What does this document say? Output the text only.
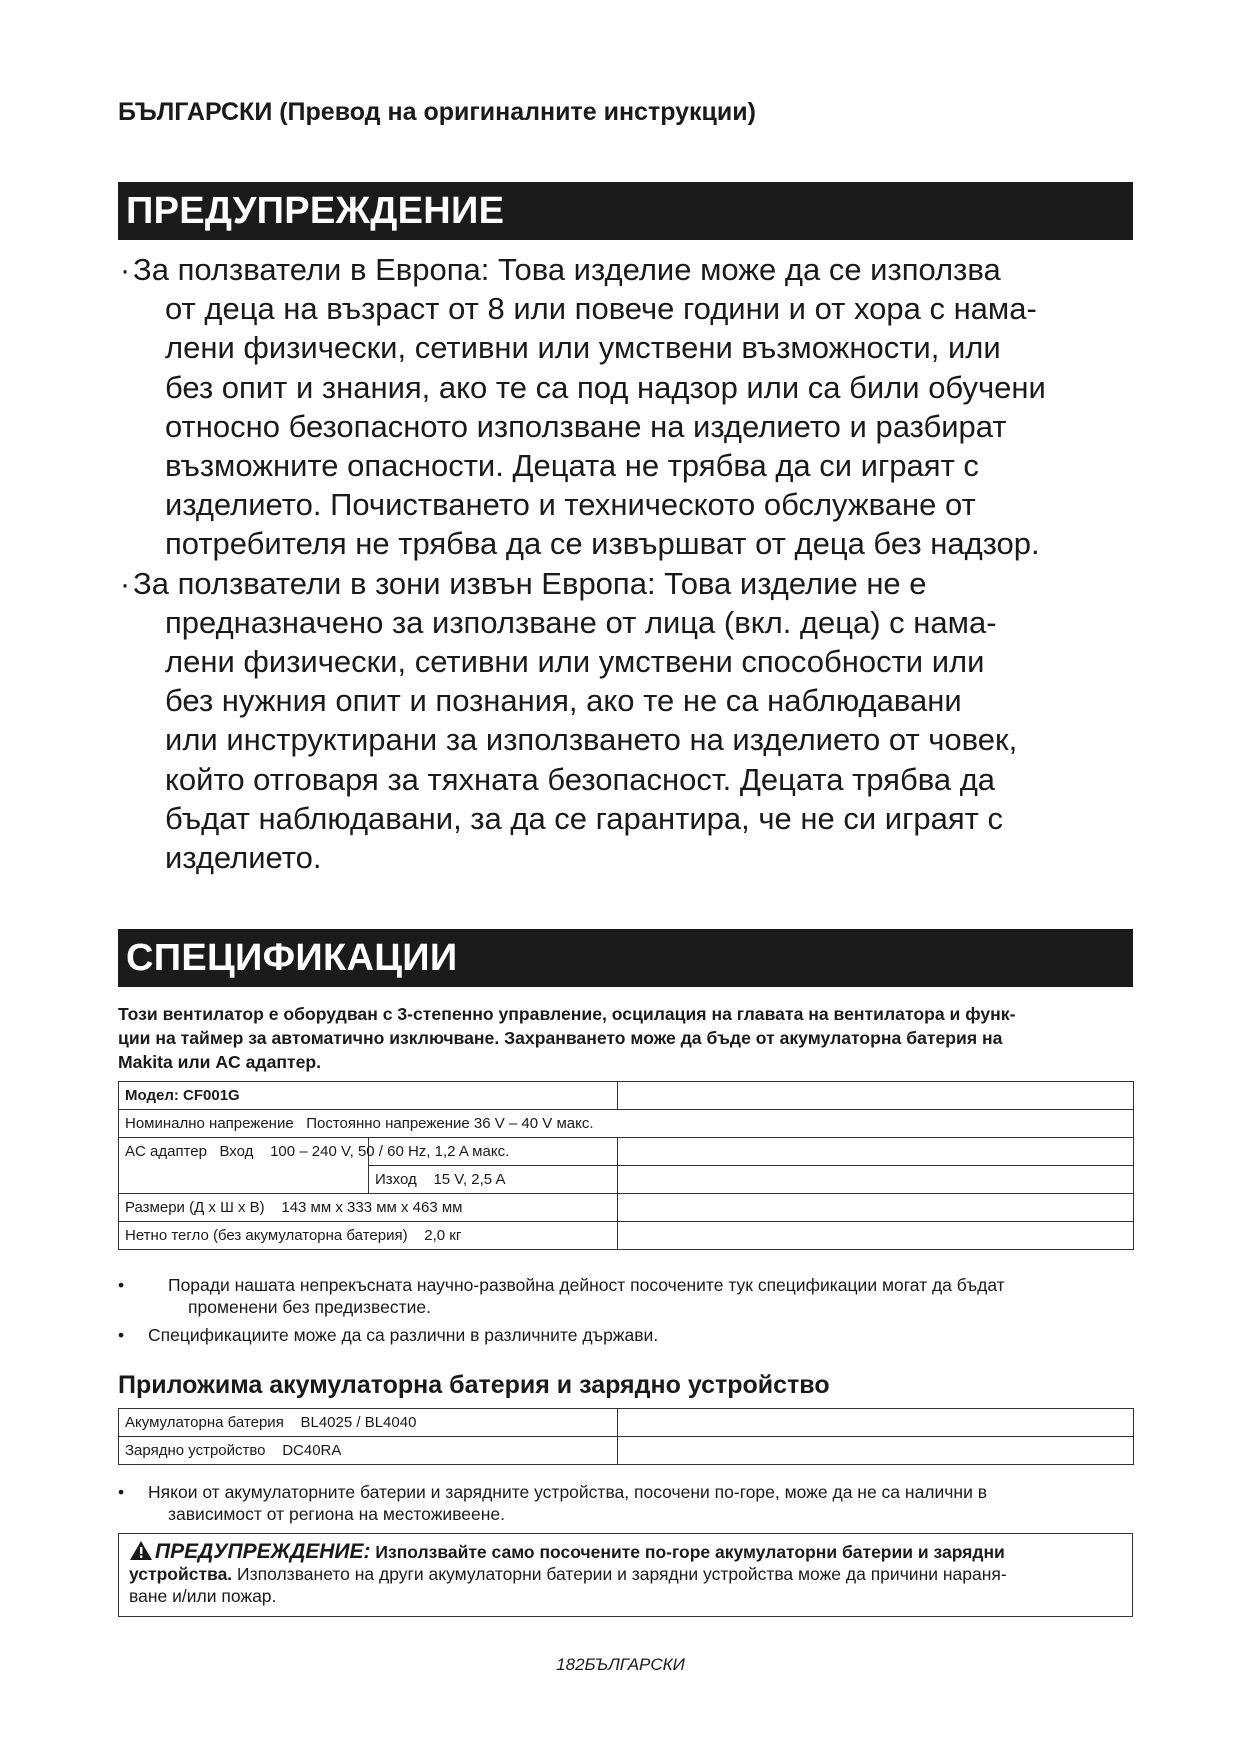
БЪЛГАРСКИ (Превод на оригиналните инструкции)
ПРЕДУПРЕЖДЕНИЕ
· За ползватели в Европа: Това изделие може да се използва
от деца на възраст от 8 или повече години и от хора с нама-
лени физически, сетивни или умствени възможности, или
без опит и знания, ако те са под надзор или са били обучени
относно безопасното използване на изделието и разбират
възможните опасности. Децата не трябва да си играят с
изделието. Почистването и техническото обслужване от
потребителя не трябва да се извършват от деца без надзор.
· За ползватели в зони извън Европа: Това изделие не е
предназначено за използване от лица (вкл. деца) с нама-
лени физически, сетивни или умствени способности или
без нужния опит и познания, ако те не са наблюдавани
или инструктирани за използването на изделието от човек,
който отговаря за тяхната безопасност. Децата трябва да
бъдат наблюдавани, за да се гарантира, че не си играят с
изделието.
СПЕЦИФИКАЦИИ
Този вентилатор е оборудван с 3-степенно управление, осцилация на главата на вентилатора и функ-
ции на таймер за автоматично изключване. Захранването може да бъде от акумулаторна батерия на
Makita или AC адаптер.
Модел: CF001G		
Номинално напрежение Постоянно напрежение 36 V – 40 V макс.		
AC адаптер Вход 100 – 240 V, 50 / 60 Hz, 1,2 A макс.		
	Изход 15 V, 2,5 A	
Размери (Д х Ш х В) 143 мм x 333 мм x 463 мм		
Нетно тегло (без акумулаторна батерия) 2,0 кг		
•	Поради нашата непрекъсната научно-развойна дейност посочените тук спецификации могат да бъдат
променени без предизвестие.
• Спецификациите може да са различни в различните държави.
Приложима акумулаторна батерия и зарядно устройство
Акумулаторна батерия BL4025 / BL4040	
Зарядно устройство DC40RA	
• Някои от акумулаторните батерии и зарядните устройства, посочени по-горе, може да не са налични в
зависимост от региона на местоживеене.
ПРЕДУПРЕЖДЕНИЕ: Използвайте само посочените по-горе акумулаторни батерии и зарядни
устройства. Използването на други акумулаторни батерии и зарядни устройства може да причини нараня-
ване и/или пожар.
182БЪЛГАРСКИ
